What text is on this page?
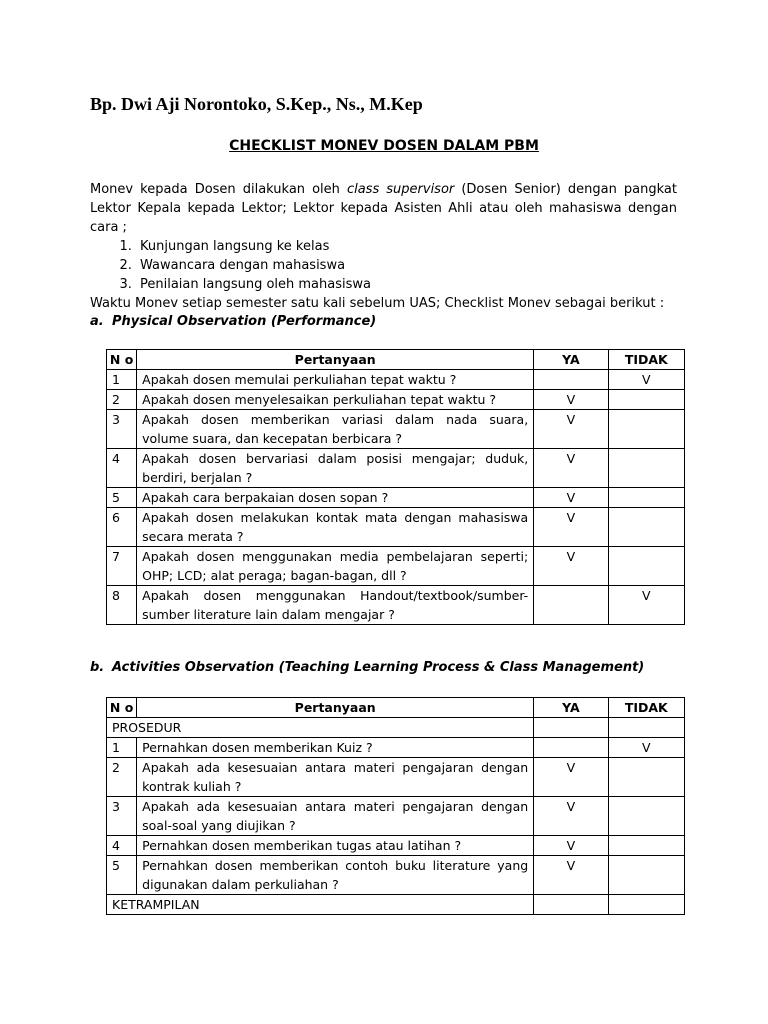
Bp. Dwi Aji Norontoko, S.Kep., Ns., M.Kep
CHECKLIST MONEV DOSEN DALAM PBM

Monev kepada Dosen dilakukan oleh class supervisor (Dosen Senior) dengan pangkat Lektor Kepala kepada Lektor; Lektor kepada Asisten Ahli atau oleh mahasiswa dengan cara ;

1. Kunjungan langsung ke kelas
2. Wawancara dengan mahasiswa
3. Penilaian langsung oleh mahasiswa

Waktu Monev setiap semester satu kali sebelum UAS; Checklist Monev sebagai berikut :

a. Physical Observation (Performance)
N o	Pertanyaan	YA	TIDAK
1	Apakah dosen memulai perkuliahan tepat waktu ?		V
2	Apakah dosen menyelesaikan perkuliahan tepat waktu ?	V	
3	Apakah dosen memberikan variasi dalam nada suara, volume suara, dan kecepatan berbicara ?	V	
4	Apakah dosen bervariasi dalam posisi mengajar; duduk, berdiri, berjalan ?	V	
5	Apakah cara berpakaian dosen sopan ?	V	
6	Apakah dosen melakukan kontak mata dengan mahasiswa secara merata ?	V	
7	Apakah dosen menggunakan media pembelajaran seperti; OHP; LCD; alat peraga; bagan-bagan, dll ?	V	
8	Apakah dosen menggunakan Handout/textbook/sumber-sumber literature lain dalam mengajar ?		V
b. Activities Observation (Teaching Learning Process & Class Management)
N o	Pertanyaan	YA	TIDAK
PROSEDUR			
1	Pernahkan dosen memberikan Kuiz ?		V
2	Apakah ada kesesuaian antara materi pengajaran dengan kontrak kuliah ?	V	
3	Apakah ada kesesuaian antara materi pengajaran dengan soal-soal yang diujikan ?	V	
4	Pernahkan dosen memberikan tugas atau latihan ?	V	
5	Pernahkan dosen memberikan contoh buku literature yang digunakan dalam perkuliahan ?	V	
KETRAMPILAN			
